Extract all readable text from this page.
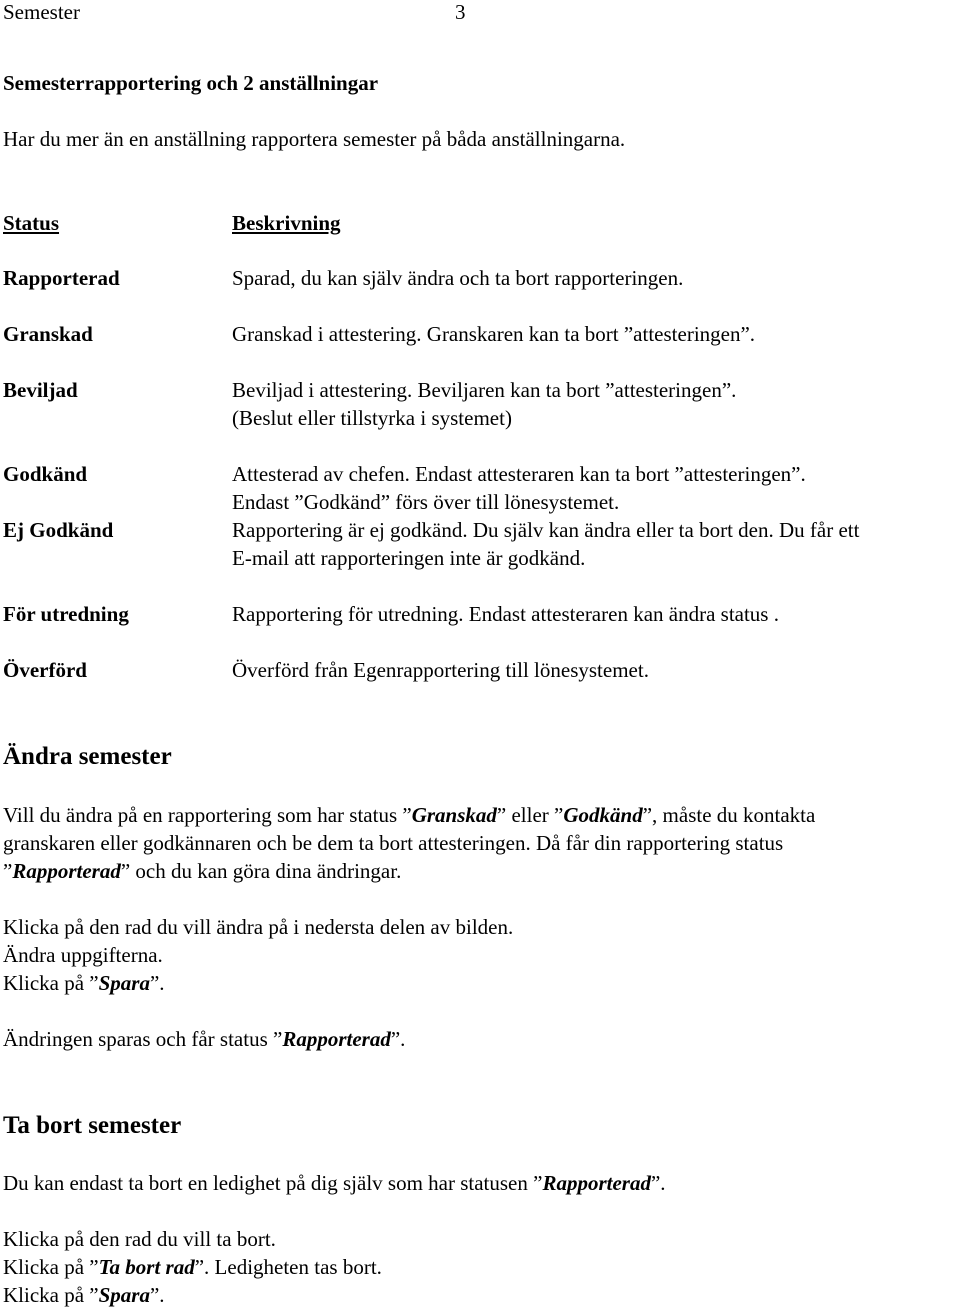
Semester	3
Semesterrapportering och 2 anställningar
Har du mer än en anställning rapportera semester på båda anställningarna.
Status	Beskrivning
Rapporterad	Sparad, du kan själv ändra och ta bort rapporteringen.
Granskad	Granskad i attestering. Granskaren kan ta bort ”attesteringen”.
Beviljad	Beviljad i attestering. Beviljaren kan ta bort ”attesteringen”.
(Beslut eller tillstyrka i systemet)
Godkänd	Attesterad av chefen. Endast attesteraren kan ta bort ”attesteringen”.
Endast ”Godkänd” förs över till lönesystemet.
Ej Godkänd	Rapportering är ej godkänd. Du själv kan ändra eller ta bort den. Du får ett
E-mail att rapporteringen inte är godkänd.
För utredning	Rapportering för utredning. Endast attesteraren kan ändra status .
Överförd	Överförd från Egenrapportering till lönesystemet.
Ändra semester
Vill du ändra på en rapportering som har status ”Granskad” eller ”Godkänd”, måste du kontakta
granskaren eller godkännaren och be dem ta bort attesteringen. Då får din rapportering status
”Rapporterad” och du kan göra dina ändringar.
Klicka på den rad du vill ändra på i nedersta delen av bilden.
Ändra uppgifterna.
Klicka på ”Spara”.
Ändringen sparas och får status ”Rapporterad”.
Ta bort semester
Du kan endast ta bort en ledighet på dig själv som har statusen ”Rapporterad”.
Klicka på den rad du vill ta bort.
Klicka på ”Ta bort rad”. Ledigheten tas bort.
Klicka på ”Spara”.
